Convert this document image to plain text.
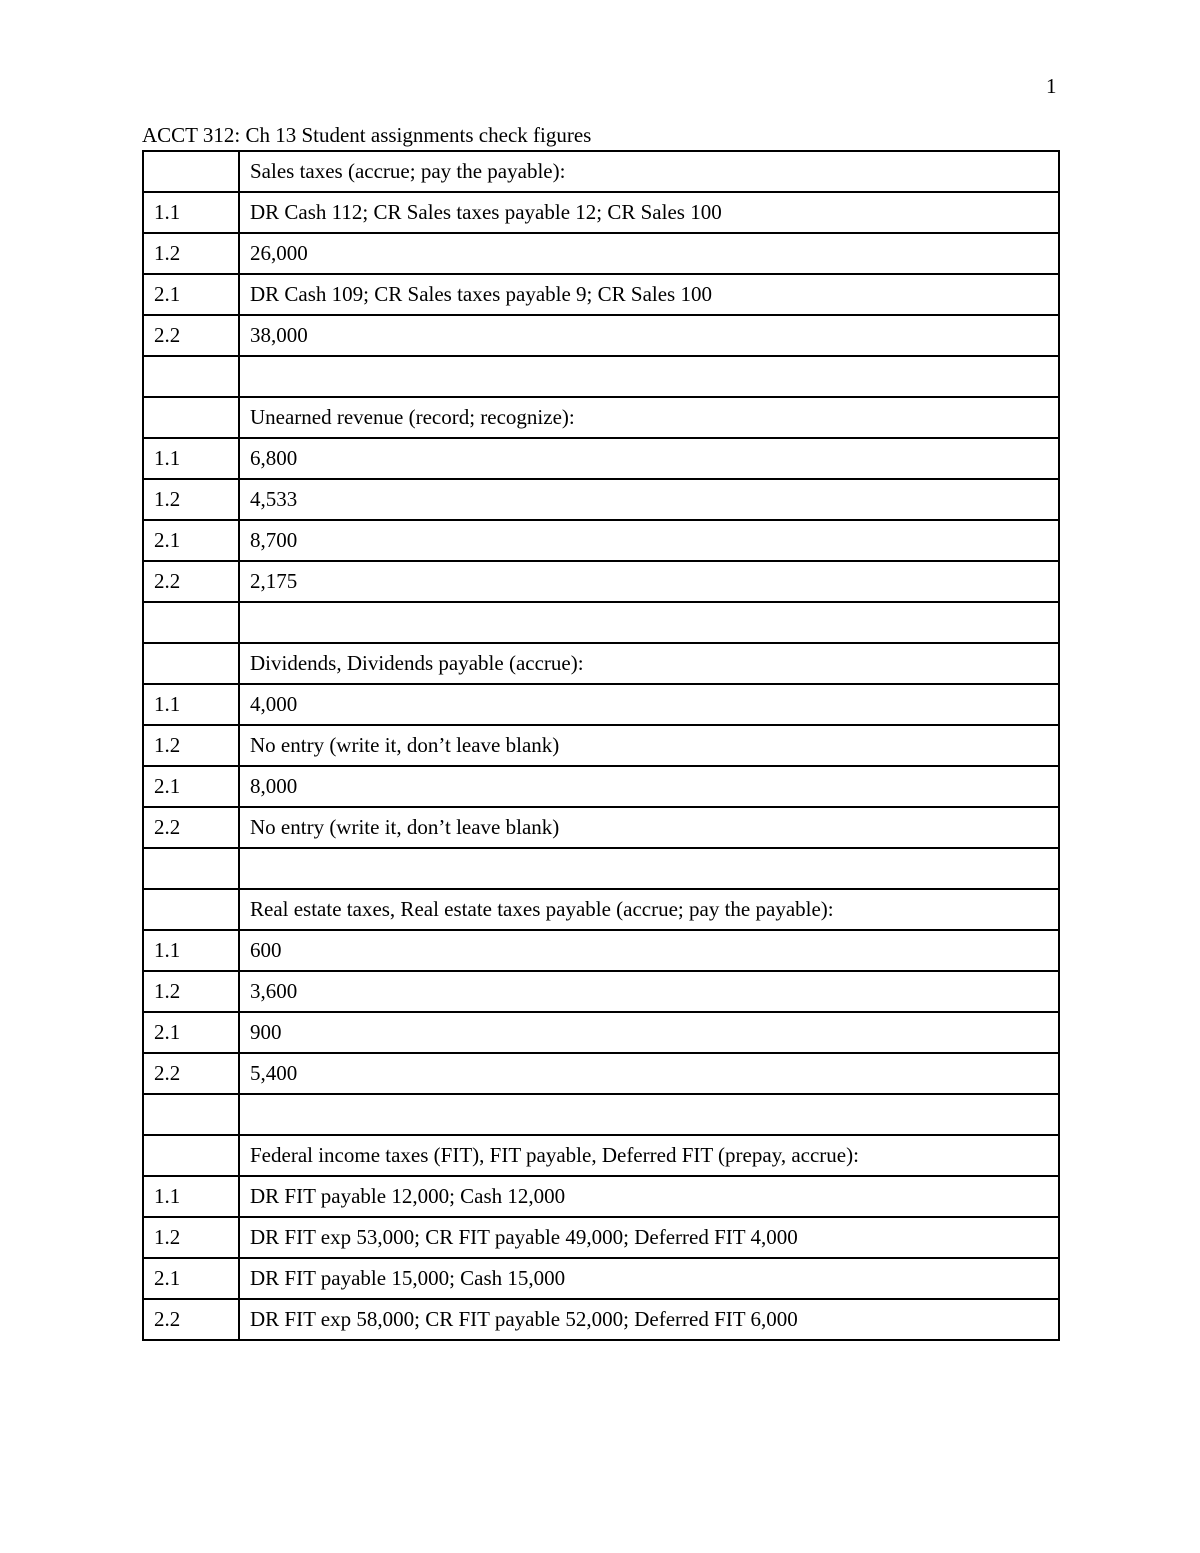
1
ACCT 312: Ch 13 Student assignments check figures
	Sales taxes (accrue; pay the payable):
1.1	DR Cash 112; CR Sales taxes payable 12; CR Sales 100
1.2	26,000
2.1	DR Cash 109; CR Sales taxes payable 9; CR Sales 100
2.2	38,000

	Unearned revenue (record; recognize):
1.1	6,800
1.2	4,533
2.1	8,700
2.2	2,175

	Dividends, Dividends payable (accrue):
1.1	4,000
1.2	No entry (write it, don’t leave blank)
2.1	8,000
2.2	No entry (write it, don’t leave blank)

	Real estate taxes, Real estate taxes payable (accrue; pay the payable):
1.1	600
1.2	3,600
2.1	900
2.2	5,400

	Federal income taxes (FIT), FIT payable, Deferred FIT (prepay, accrue):
1.1	DR FIT payable 12,000; Cash 12,000
1.2	DR FIT exp 53,000; CR FIT payable 49,000; Deferred FIT 4,000
2.1	DR FIT payable 15,000; Cash 15,000
2.2	DR FIT exp 58,000; CR FIT payable 52,000; Deferred FIT 6,000
